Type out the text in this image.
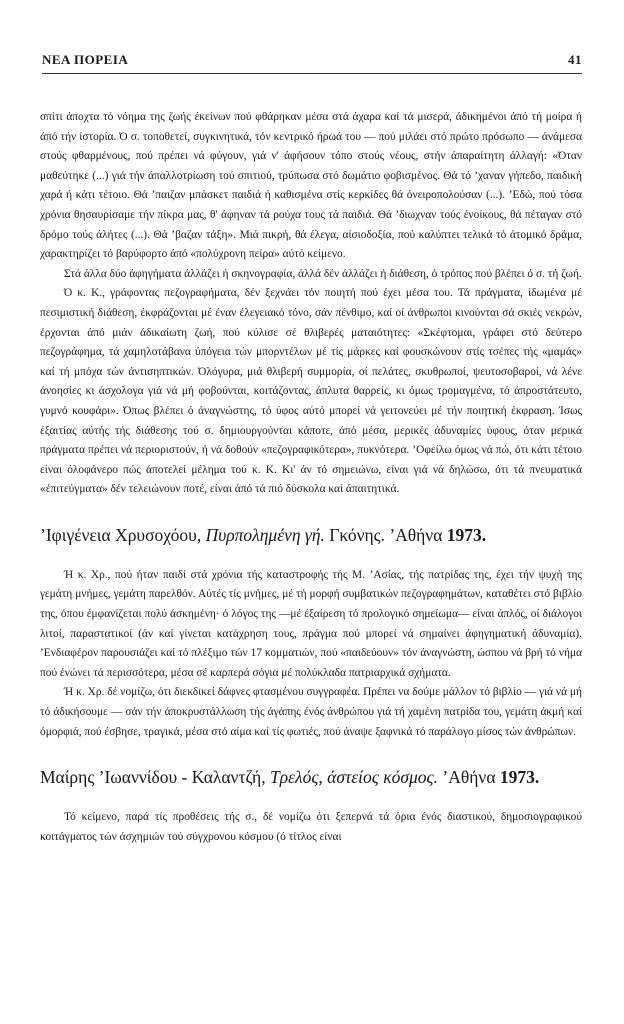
ΝΕΑ ΠΟΡΕΙΑ	41

σπίτι άποχτα τό νόημα της ζωής έκείνων πού φθάρηκαν μέσα στά άχαρα καί τά μισερά, άδικημένοι άπό τή μοίρα ή άπό τήν ίστορία. Ό σ. τοποθετεί, συγκινητικά, τόν κεντρικό ήρωά του — πού μιλάει στό πρώτο πρόσωπο — άνάμεσα στούς φθαρμένους, πού πρέπει νά φύγουν, γιά ν' άφήσουν τόπο στούς νέους, στήν άπαραίτητη άλλαγή: «Όταν μαθεύτηκε (...) γιά τήν άπαλλοτρίωση τού σπιτιού, τρύπωσα στό δωμάτιο φοβισμένος. Θά τό ’χαναν γήπεδο, παιδική χαρά ή κάτι τέτοιο. Θά ’παιζαν μπάσκετ παιδιά ή καθισμένα στίς κερκίδες θά όνειροπολούσαν (...). ’Εδώ, πού τόσα χρόνια θησαυρίσαμε τήν πίκρα μας, θ' άφηναν τά ρούχα τους τά παιδιά. Θά ’διωχναν τούς ένοίκους, θά πέταγαν στό δρόμο τούς άλήτες (...). Θά ’βαζαν τάξη». Μιά πικρή, θά έλεγα, αίσιοδοξία, πού καλύπτει τελικά τό άτομικό δράμα, χαρακτηρίζει τό βαρύφορτο άπό «πολύχρονη πείρα» αύτό κείμενο.

Στά άλλα δύο άφηγήματα άλλάζει ή σκηνογραφία, άλλά δέν άλλάζει ή διάθεση, ό τρόπος πού βλέπει ό σ. τή ζωή.

Ό κ. Κ., γράφοντας πεζογραφήματα, δέν ξεχνάει τόν ποιητή πού έχει μέσα του. Τά πράγματα, ίδωμένα μέ πεσιμιστική διάθεση, έκφράζονται μέ έναν έλεγειακό τόνο, σάν πένθιμο, καί οί άνθρωποι κινούνται σά σκιές νεκρών, έρχονται άπό μιάν άδικαίωτη ζωή, πού κύλισε σέ θλιβερές ματαιότητες: «Σκέφτομαι, γράφει στό δεύτερο πεζογράφημα, τά χαμηλοτάβανα ύπόγεια τών μπορντέλων μέ τίς μάρκες καί φουσκώνουν στίς τσέπες τής «μαμάς» καί τή μπόχα τών άντισηπτικών. Όλόγυρα, μιά θλιβερή συμμορία, οί πελάτες, σκυθρωποί, ψευτοσοβαροί, νά λένε άνοησίες κι άσχολογα γιά νά μή φοβούνται, κοιτάζοντας, άπλυτα θαρρείς, κι όμως τρομαγμένα, τό άπροστάτευτο, γυμνό κουφάρι». Όπως βλέπει ό άναγνώστης, τό ύφος αύτό μπορεί νά γειτονεύει μέ τήν ποιητική έκφραση. Ίσως έξαιτίας αύτής τής διάθεσης τού σ. δημιουργούνται κάποτε, άπό μέσα, μερικές άδυναμίες ύφους, όταν μερικά πράγματα πρέπει νά περιοριστούν, ή νά δοθούν «πεζογραφικότερα», πυκνότερα. ’Οφείλω όμως νά πώ, ότι κάτι τέτοιο είναι όλοφάνερο πώς άποτελεί μέλημα τού κ. Κ. Κι' άν τό σημειώνω, είναι γιά νά δηλώσω, ότι τά πνευματικά «έπιτεύγματα» δέν τελειώνουν ποτέ, είναι άπό τά πιό δύσκολα καί άπαιτητικά.

’Ιφιγένεια Χρυσοχόου, Πυρπολημένη γή. Γκόνης. ’Αθήνα 1973.

Ή κ. Χρ., πού ήταν παιδί στά χρόνια τής καταστροφής τής Μ. ’Ασίας, τής πατρίδας της, έχει τήν ψυχή της γεμάτη μνήμες, γεμάτη παρελθόν. Αύτές τίς μνήμες, μέ τή μορφή συμβατικών πεζογραφημάτων, καταθέτει στό βιβλίο της, όπου έμφανίζεται πολύ άσκημένη· ό λόγος της —μέ έξαίρεση τό προλογικό σημείωμα— είναι άπλός, οί διάλογοι λιτοί, παραστατικοί (άν καί γίνεται κατάχρηση τους, πράγμα πού μπορεί νά σημαίνει άφηγηματική άδυναμία). ’Ενδιαφέρον παρουσιάζει καί τό πλέξιμο τών 17 κομματιών, πού «παιδεύουν» τόν άναγνώστη, ώσπου νά βρή τό νήμα πού ένώνει τά περισσότερα, μέσα σέ καρπερά σόγια μέ πολύκλαδα πατριαρχικά σχήματα.

Ή κ. Χρ. δέ νομίζω, ότι διεκδικεί δάφνες φτασμένου συγγραφέα. Πρέπει να δούμε μάλλον τό βιβλίο — γιά νά μή τό άδικήσουμε — σάν τήν άποκρυστάλλωση τής άγάπης ένός άνθρώπου γιά τή χαμένη πατρίδα του, γεμάτη άκμή καί όμορφιά, πού έσβησε, τραγικά, μέσα στό αίμα καί τίς φωτιές, πού άναψε ξαφνικά τό παράλογο μίσος τών άνθρώπων.

Μαίρης ’Ιωαννίδου - Καλαντζή, Τρελός, άστείος κόσμος. ’Αθήνα 1973.

Τό κείμενο, παρά τίς προθέσεις τής σ., δέ νομίζω ότι ξεπερνά τά όρια ένός διαστικού, δημοσιογραφικού κοιτάγματος τών άσχημιών τού σύγχρονου κόσμου (ό τίτλος είναι
